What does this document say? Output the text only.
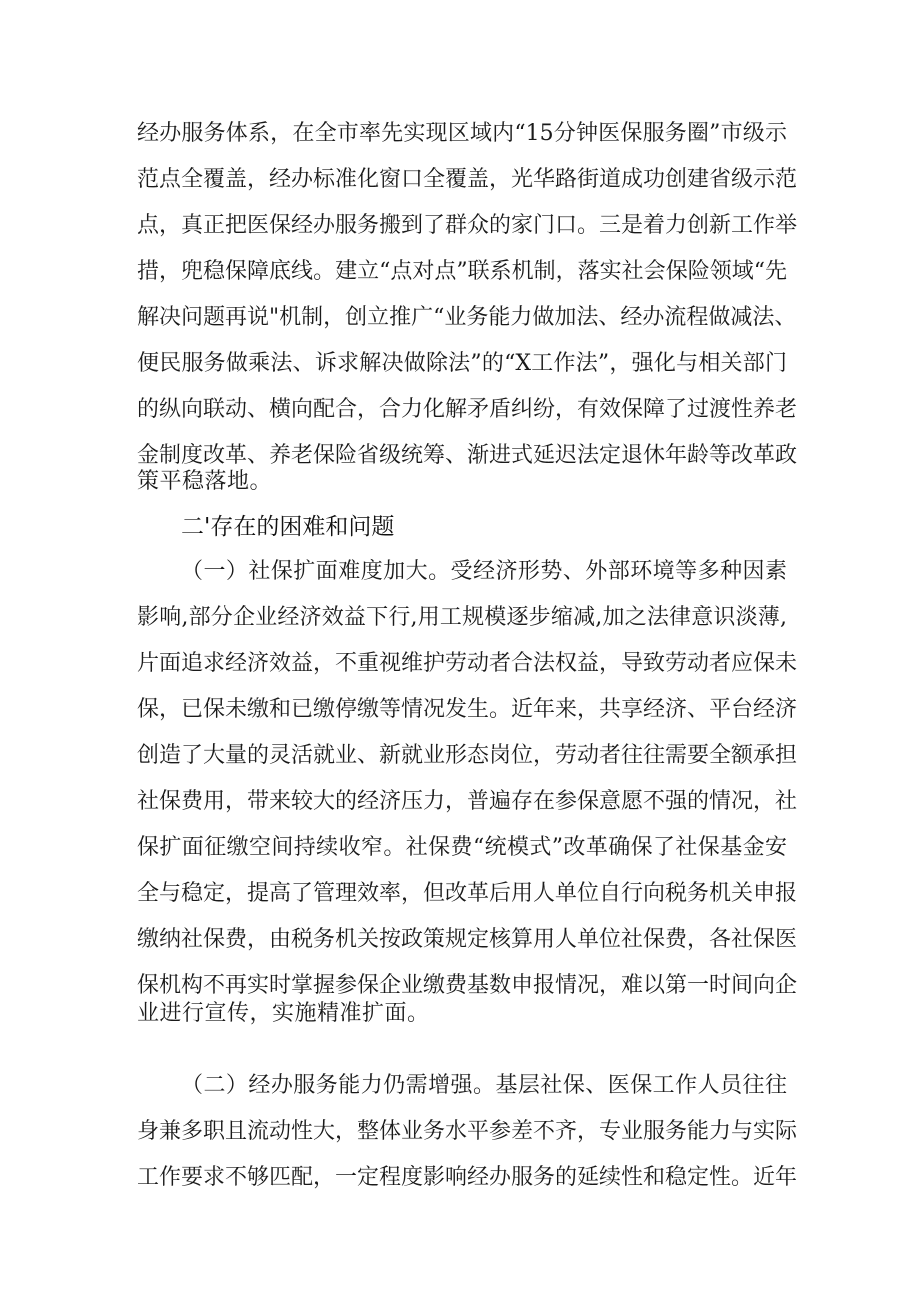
经办服务体系，在全市率先实现区域内“15分钟医保服务圈”市级示
范点全覆盖，经办标准化窗口全覆盖，光华路街道成功创建省级示范
点，真正把医保经办服务搬到了群众的家门口。三是着力创新工作举
措，兜稳保障底线。建立“点对点”联系机制，落实社会保险领域“先
解决问题再说"机制，创立推广“业务能力做加法、经办流程做减法、
便民服务做乘法、诉求解决做除法”的“X工作法”，强化与相关部门
的纵向联动、横向配合，合力化解矛盾纠纷，有效保障了过渡性养老
金制度改革、养老保险省级统筹、渐进式延迟法定退休年龄等改革政
策平稳落地。
二'存在的困难和问题
（一）社保扩面难度加大。受经济形势、外部环境等多种因素
影响,部分企业经济效益下行,用工规模逐步缩减,加之法律意识淡薄,
片面追求经济效益，不重视维护劳动者合法权益，导致劳动者应保未
保，已保未缴和已缴停缴等情况发生。近年来，共享经济、平台经济
创造了大量的灵活就业、新就业形态岗位，劳动者往往需要全额承担
社保费用，带来较大的经济压力，普遍存在参保意愿不强的情况，社
保扩面征缴空间持续收窄。社保费“统模式”改革确保了社保基金安
全与稳定，提高了管理效率，但改革后用人单位自行向税务机关申报
缴纳社保费，由税务机关按政策规定核算用人单位社保费，各社保医
保机构不再实时掌握参保企业缴费基数申报情况，难以第一时间向企
业进行宣传，实施精准扩面。
（二）经办服务能力仍需增强。基层社保、医保工作人员往往
身兼多职且流动性大，整体业务水平参差不齐，专业服务能力与实际
工作要求不够匹配，一定程度影响经办服务的延续性和稳定性。近年
